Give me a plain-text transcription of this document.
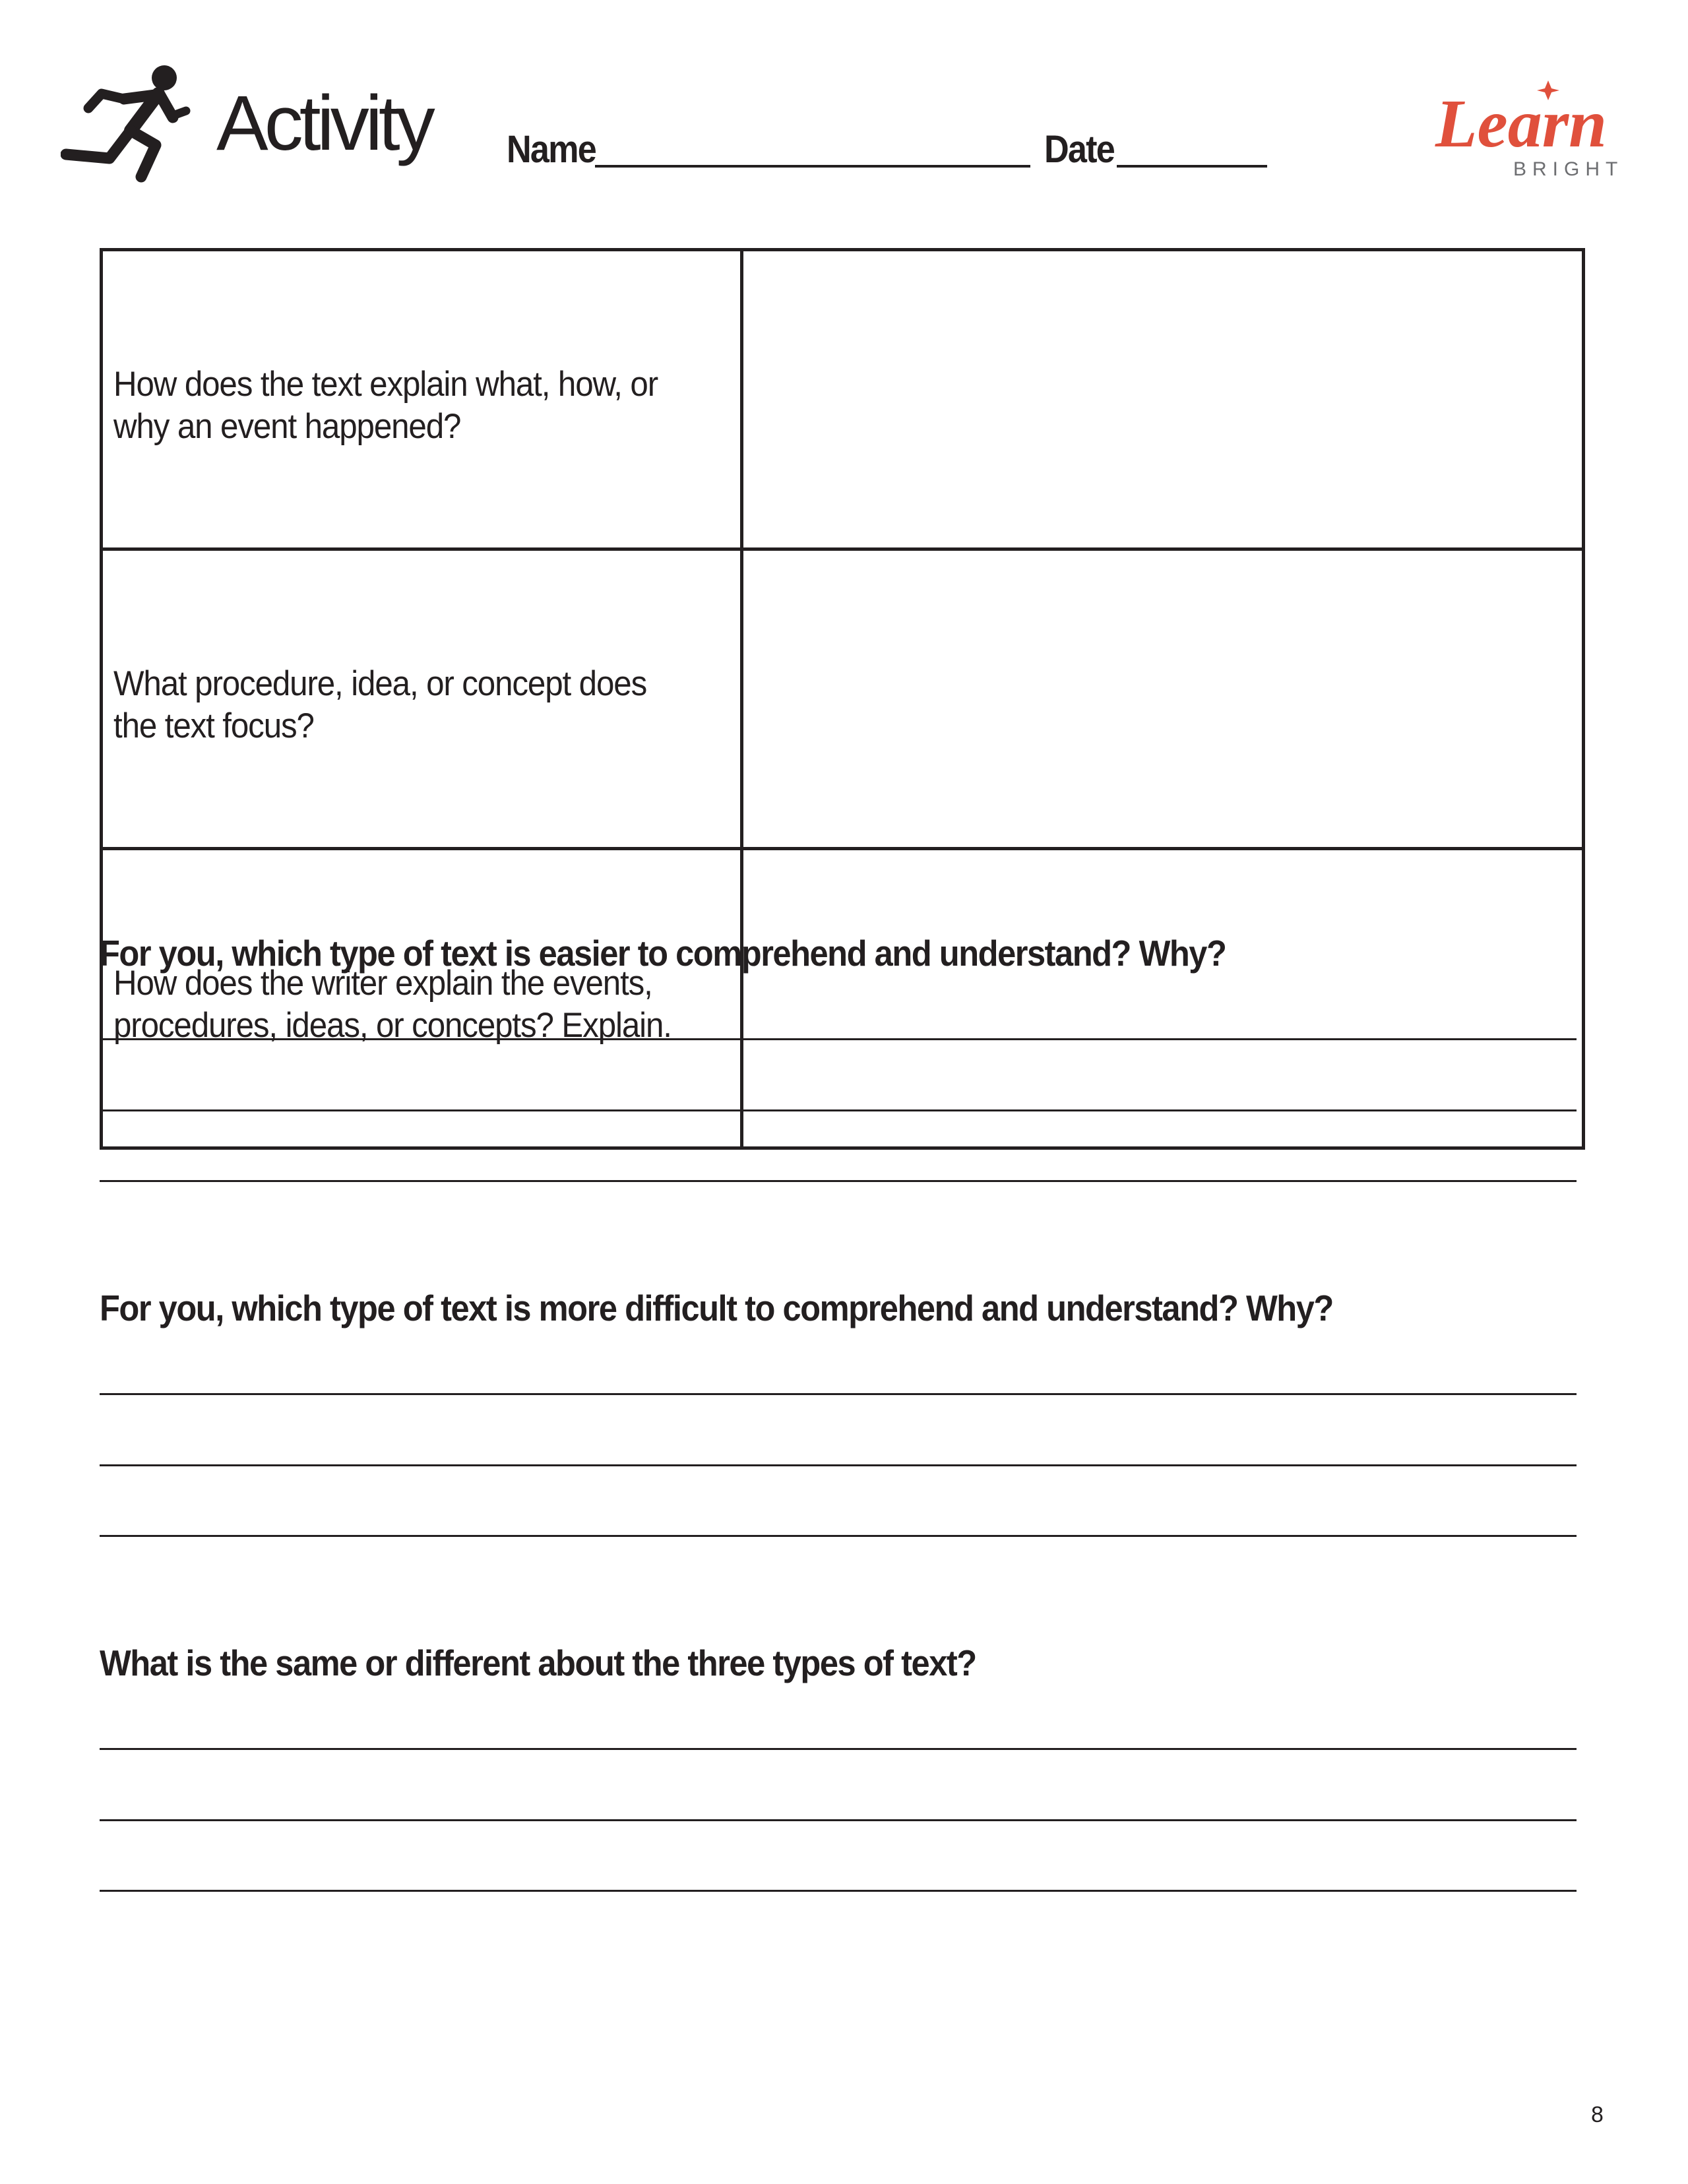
Activity Name	Date	Learn
BRIGHT
How does the text explain what, how, or why an event happened?	

What procedure, idea, or concept does the text focus?	

How does the writer explain the events, procedures, ideas, or concepts? Explain.	

For you, which type of text is easier to comprehend and understand? Why?
For you, which type of text is more difficult to comprehend and understand? Why?
What is the same or different about the three types of text?
8
